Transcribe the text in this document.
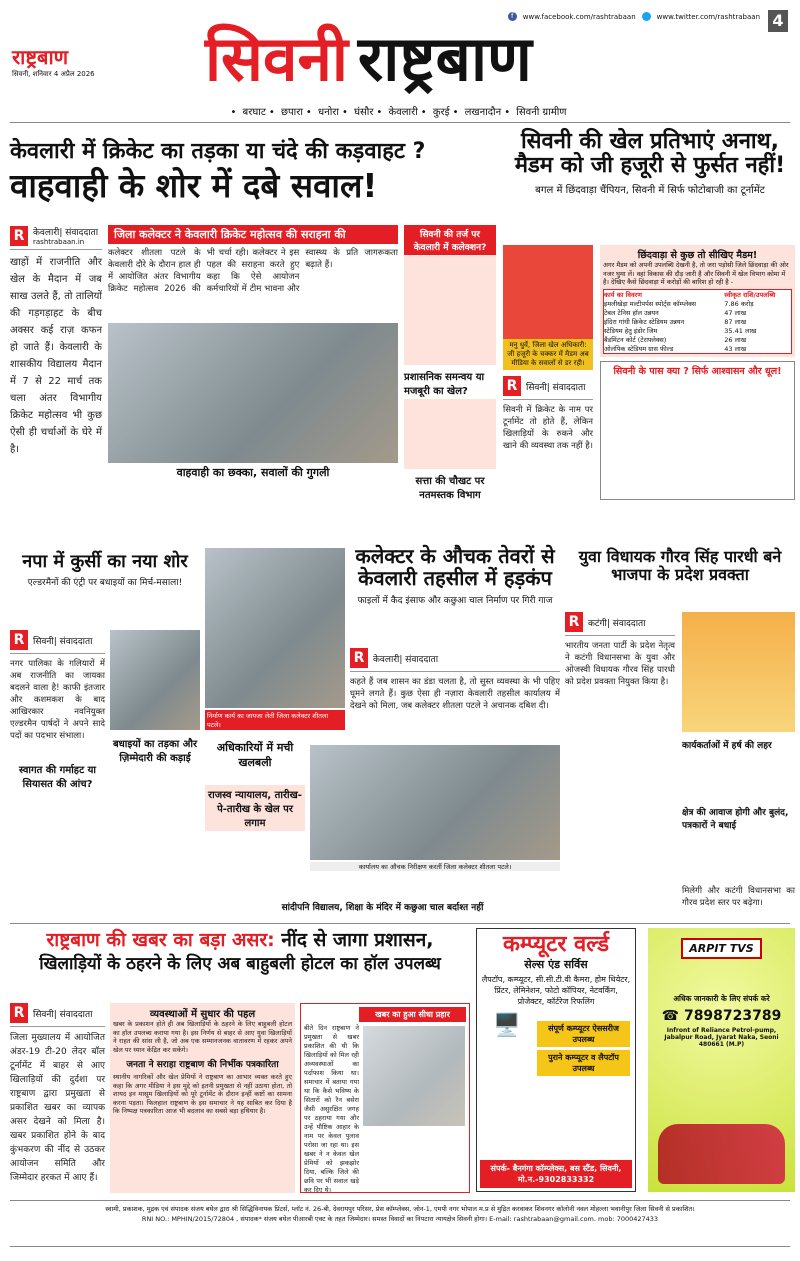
राष्ट्रबाण
सिवनी, शनिवार 4 अप्रैल 2026 सिवनी राष्ट्रबाण
f	www.facebook.com/rashtrabaan	www.twitter.com/rashtrabaan 4
• बरघाट • छपारा • धनोरा • घंसौर • केवलारी • कुरई • लखनादौन • सिवनी ग्रामीण
केवलारी में क्रिकेट का तड़का या चंदे की कड़वाहट ?
वाहवाही के शोर में दबे सवाल!
R केवलारी| संवाददाता
rashtrabaan.in
खाहों में राजनीति और खेल के मैदान में जब साख उलते हैं, तो तालियों की गड़गड़ाहट के बीच अक्सर कई राज़ कफन हो जाते हैं। केवलारी के शासकीय विद्यालय मैदान में 7 से 22 मार्च तक चला अंतर विभागीय क्रिकेट महोत्सव भी कुछ ऐसी ही चर्चाओं के घेरे में है।
जिला कलेक्टर ने केवलारी क्रिकेट महोत्सव की सराहना की
कलेक्टर शीतला पटले के केवलारी दौरे के दौरान हाल ही में आयोजित अंतर विभागीय क्रिकेट महोत्सव 2026 की भी चर्चा रही। कलेक्टर ने इस पहल की सराहना करते हुए कहा कि ऐसे आयोजन कर्मचारियों में टीम भावना और स्वास्थ्य के प्रति जागरूकता बढ़ाते हैं।
वाहवाही का छक्का, सवालों की गुगली
सिवनी की तर्ज पर केवलारी में कलेक्शन?
प्रशासनिक समन्वय या मजबूरी का खेल?
सत्ता की चौखट पर नतमस्तक विभाग
सिवनी की खेल प्रतिभाएं अनाथ, मैडम को जी हजूरी से फुर्सत नहीं!
बगल में छिंदवाड़ा चैंपियन, सिवनी में सिर्फ फोटोबाजी का टूर्नामेंट
मनु धुर्वे, जिला खेल अधिकारी: जी हजूरी के चक्कर में मैडम अब मीडिया के सवालों से डर रही।
R सिवनी| संवाददाता
सिवनी में क्रिकेट के नाम पर टूर्नामेंट तो होते हैं, लेकिन खिलाड़ियों के रुकने और खाने की व्यवस्था तक नहीं है।
छिंदवाड़ा से कुछ तो सीखिए मैडम!
अगर मैडम को अपनी उपलब्धि देखनी है, तो जरा पड़ोसी जिले छिंदवाड़ा की ओर नजर घुमा लें। वहां विकास की दौड़ जारी है और सिवनी में खेल विभाग कोमा में है। देखिए कैसे छिंदवाड़ा में करोड़ों की बारिश हो रही है -
कार्य का विवरण	स्वीकृत राशि/उपलब्धि
इमलीखेड़ा मल्टीपर्पस स्पोर्ट्स कॉम्प्लेक्स	7.86 करोड़
टेबल टेनिस हॉल उन्नयन	47 लाख
इंदिरा गांधी क्रिकेट स्टेडियम उन्नयन	87 लाख
स्टेडियम हेतु इंडोर जिम	35.41 लाख
बैडमिंटन कोर्ट (टेराफ्लेक्स)	26 लाख
ओलंपिक स्टेडियम ग्रास फील्ड	43 लाख
सिवनी के पास क्या ? सिर्फ आश्वासन और धूल!
नपा में कुर्सी का नया शोर
एल्डरमैनों की एंट्री पर बधाइयों का मिर्च-मसाला!
R सिवनी| संवाददाता
नगर पालिका के गलियारों में अब राजनीति का जायका बदलने वाला है! काफी इंतजार और कशमकश के बाद आखिरकार नवनियुक्त एल्डरमैन पार्षदों ने अपने सादे पदों का पदभार संभाला।
स्वागत की गर्माहट या सियासत की आंच?
बधाइयों का तड़का और ज़िम्मेदारी की कड़ाई
निर्माण कार्य का जायजा लेती जिला कलेक्टर शीतला पटले।
कलेक्टर के औचक तेवरों से केवलारी तहसील में हड़कंप
फाइलों में कैद इंसाफ और कछुआ चाल निर्माण पर गिरी गाज
R केवलारी| संवाददाता
कहते हैं जब शासन का डंडा चलता है, तो सुस्त व्यवस्था के भी पहिए घूमने लगते हैं। कुछ ऐसा ही नज़ारा केवलारी तहसील कार्यालय में देखने को मिला, जब कलेक्टर शीतला पटले ने अचानक दबिश दी।
अधिकारियों में मची खलबली
राजस्व न्यायालय, तारीख-पे-तारीख के खेल पर लगाम
कार्यालय का औचक निरीक्षण करतीं जिला कलेक्टर शीतला पटले।
सांदीपनि विद्यालय, शिक्षा के मंदिर में कछुआ चाल बर्दाश्त नहीं
युवा विधायक गौरव सिंह पारधी बने भाजपा के प्रदेश प्रवक्ता
R कटंगी| संवाददाता
भारतीय जनता पार्टी के प्रदेश नेतृत्व ने कटंगी विधानसभा के युवा और ओजस्वी विधायक गौरव सिंह पारधी को प्रदेश प्रवक्ता नियुक्त किया है।
कार्यकर्ताओं में हर्ष की लहर
क्षेत्र की आवाज होगी और बुलंद, पत्रकारों ने बधाई
मिलेगी और कटंगी विधानसभा का गौरव प्रदेश स्तर पर बढ़ेगा।
राष्ट्रबाण की खबर का बड़ा असर: नींद से जागा प्रशासन,
खिलाड़ियों के ठहरने के लिए अब बाहुबली होटल का हॉल उपलब्ध
R सिवनी| संवाददाता
जिला मुख्यालय में आयोजित अंडर-19 टी-20 लेदर बॉल टूर्नामेंट में बाहर से आए खिलाड़ियों की दुर्दशा पर राष्ट्रबाण द्वारा प्रमुखता से प्रकाशित खबर का व्यापक असर देखने को मिला है। खबर प्रकाशित होने के बाद कुंभकरण की नींद से उठकर आयोजन समिति और जिम्मेदार हरकत में आए हैं।
व्यवस्थाओं में सुधार की पहल
खबर के प्रकाशन होते ही अब खिलाड़ियों के ठहरने के लिए बाहुबली होटल का हॉल उपलब्ध कराया गया है। इस निर्णय से बाहर से आए युवा खिलाड़ियों ने राहत की सांस ली है, जो अब एक सम्मानजनक वातावरण में रहकर अपने खेल पर ध्यान केंद्रित कर सकेंगे।
जनता ने सराहा राष्ट्रबाण की निर्भीक पत्रकारिता
स्थानीय नागरिकों और खेल प्रेमियों ने राष्ट्रबाण का आभार व्यक्त करते हुए कहा कि अगर मीडिया ने इस मुद्दे को इतनी प्रमुखता से नहीं उठाया होता, तो शायद इन मासूम खिलाड़ियों को पूरे टूर्नामेंट के दौरान इन्हीं कष्टों का सामना करना पड़ता। फिलहाल राष्ट्रबाण के इस समाचार ने यह साबित कर दिया है कि निष्पक्ष पत्रकारिता आज भी बदलाव का सबसे बड़ा हथियार है।
खबर का हुआ सीधा प्रहार
बीते दिन राष्ट्रबाण ने प्रमुखता से खबर प्रकाशित की थी कि खिलाड़ियों को मिल रही अव्यवस्थाओं का पर्दाफाश किया था। समाचार में बताया गया था कि कैसे भविष्य के सितारों को रैन बसेरा जैसी असुरक्षित जगह पर ठहराया गया और उन्हें पौष्टिक आहार के नाम पर केवल पुलाव परोसा जा रहा था। इस खबर ने न केवल खेल प्रेमियों को झकझोर दिया, बल्कि जिले की छवि पर भी सवाल खड़े कर दिए थे।
कम्प्यूटर वर्ल्ड
सेल्स एंड सर्विस
लैपटॉप, कम्प्यूटर, सी.सी.टी.वी कैमरा, होम थियेटर, प्रिंटर, लेमिनेशन, फोटो कॉपियर, नेटवर्किंग, प्रोजेक्टर, कॉर्टरेज रिफलिंग
🖥️	संपूर्ण कम्प्यूटर ऐससरीज उपलब्ध
पुराने कम्प्यूटर व लैपटॉप उपलब्ध
संपर्क- बैनगंगा कॉम्प्लेक्स, बस स्टैंड, सिवनी, मो.न.-9302833332
ARPIT TVS
अधिक जानकारी के लिए संपर्क करे
☎ 7898723789
Infront of Reliance Petrol-pump, Jabalpur Road, Jyarat Naka, Seoni 480661 (M.P)
स्वामी, प्रकाशक, मुद्रक एवं संपादक संजय बघेल द्वारा श्री सिद्धिविनायक प्रिंटर्स, प्लॉट नं. 26-बी, देवरायपुर परिसर, प्रेस कॉम्प्लेक्स, जोन-1, एमपी नगर भोपाल म.प्र से मुद्रित करवाकर शिवनगर कॉलोनी नवल मोहल्ला भवानीपुर जिला सिवनी से प्रकाशित।
RNI NO.: MPHIN/2015/72804 , संपादक* संजय बघेल पीआरबी एक्ट के तहत जिम्मेदार। समस्त विवादों का निपटारा न्यायक्षेत्र सिवनी होगा। E-mail: rashtrabaan@gmail.com. mob: 7000427433
